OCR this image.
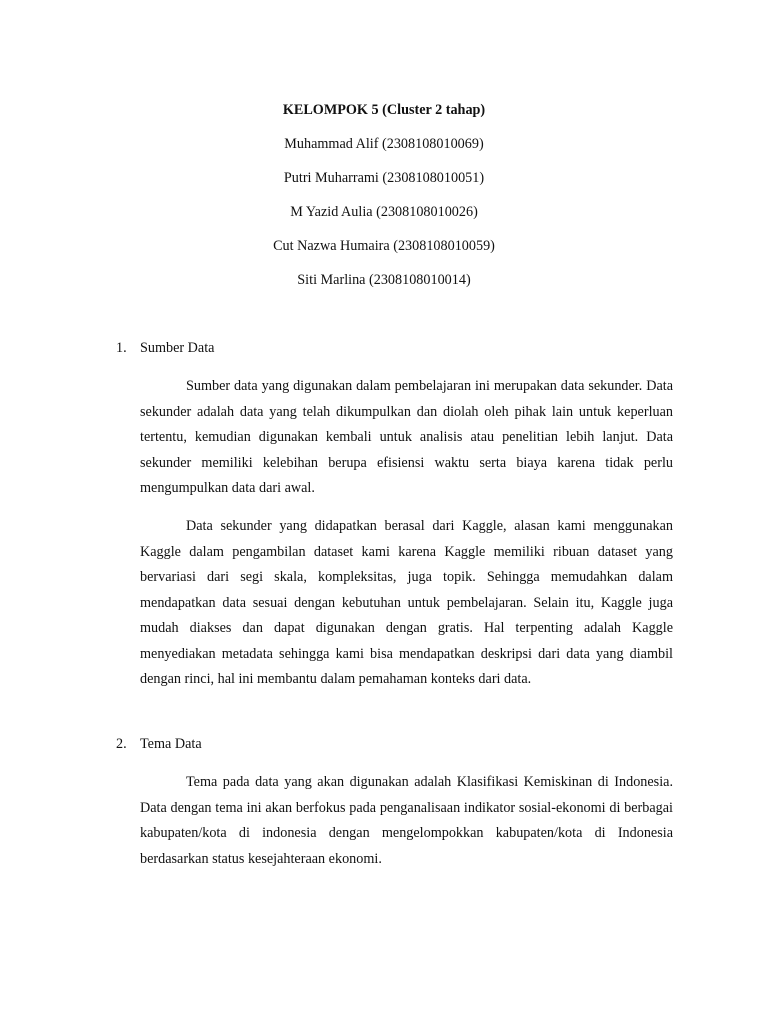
KELOMPOK 5 (Cluster 2 tahap)
Muhammad Alif (2308108010069)
Putri Muharrami (2308108010051)
M Yazid Aulia (2308108010026)
Cut Nazwa Humaira (2308108010059)
Siti Marlina (2308108010014)
1. Sumber Data

Sumber data yang digunakan dalam pembelajaran ini merupakan data sekunder. Data sekunder adalah data yang telah dikumpulkan dan diolah oleh pihak lain untuk keperluan tertentu, kemudian digunakan kembali untuk analisis atau penelitian lebih lanjut. Data sekunder memiliki kelebihan berupa efisiensi waktu serta biaya karena tidak perlu mengumpulkan data dari awal.

Data sekunder yang didapatkan berasal dari Kaggle, alasan kami menggunakan Kaggle dalam pengambilan dataset kami karena Kaggle memiliki ribuan dataset yang bervariasi dari segi skala, kompleksitas, juga topik. Sehingga memudahkan dalam mendapatkan data sesuai dengan kebutuhan untuk pembelajaran. Selain itu, Kaggle juga mudah diakses dan dapat digunakan dengan gratis. Hal terpenting adalah Kaggle menyediakan metadata sehingga kami bisa mendapatkan deskripsi dari data yang diambil dengan rinci, hal ini membantu dalam pemahaman konteks dari data.

2. Tema Data

Tema pada data yang akan digunakan adalah Klasifikasi Kemiskinan di Indonesia. Data dengan tema ini akan berfokus pada penganalisaan indikator sosial-ekonomi di berbagai kabupaten/kota di indonesia dengan mengelompokkan kabupaten/kota di Indonesia berdasarkan status kesejahteraan ekonomi.
